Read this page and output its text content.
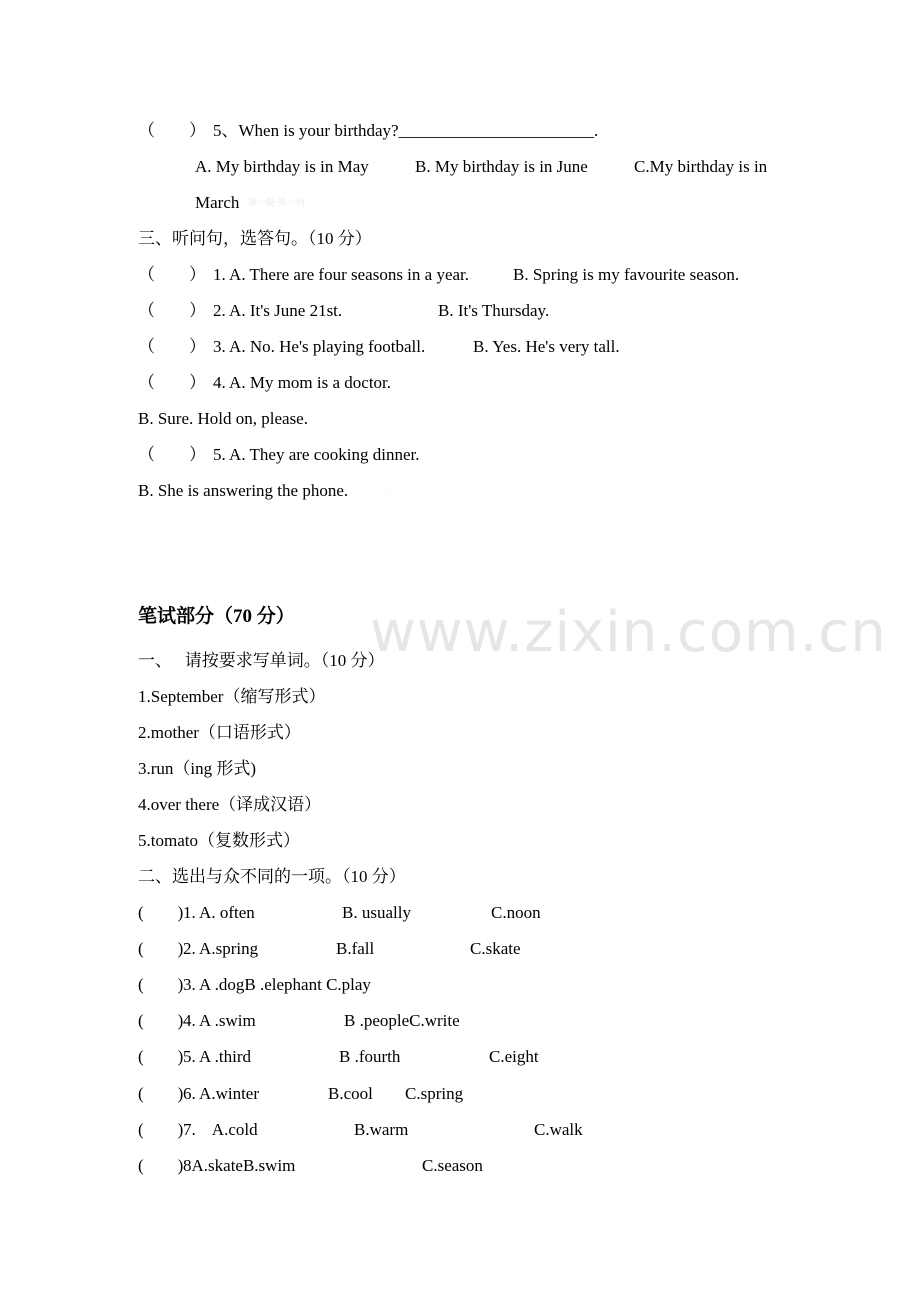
www.zixin.com.cn
第一题·第一问
· · · · ·
（        ） 5、When is your birthday?_______________________.
A. My birthday is in May	B. My birthday is in June	C.My birthday is in
March
三、听问句，选答句。（10 分）
（        ） 1. A. There are four seasons in a year.	B. Spring is my favourite season.
（        ） 2. A. It's June 21st.	B. It's Thursday.
（        ） 3. A. No. He's playing football.	B. Yes. He's very tall.
（        ） 4. A. My mom is a doctor.
B. Sure. Hold on, please.
（        ） 5. A. They are cooking dinner.
B. She is answering the phone.
笔试部分（70 分）
一、   请按要求写单词。（10 分）
1.September（缩写形式）
2.mother（口语形式）
3.run（ing 形式)
4.over there（译成汉语）
5.tomato（复数形式）
二、选出与众不同的一项。（10 分）
(        ) 1. A. often	B. usually	C.noon
(        ) 2. A.spring	B.fall	C.skate
(        ) 3. A .dogB .elephant C.play
(        ) 4. A .swim	B .peopleC.write
(        ) 5. A .third	B .fourth	C.eight
(        ) 6. A.winter	B.cool C.spring
(        ) 7.    A.cold	B.warm	C.walk
(        ) 8A.skateB.swim	C.season
